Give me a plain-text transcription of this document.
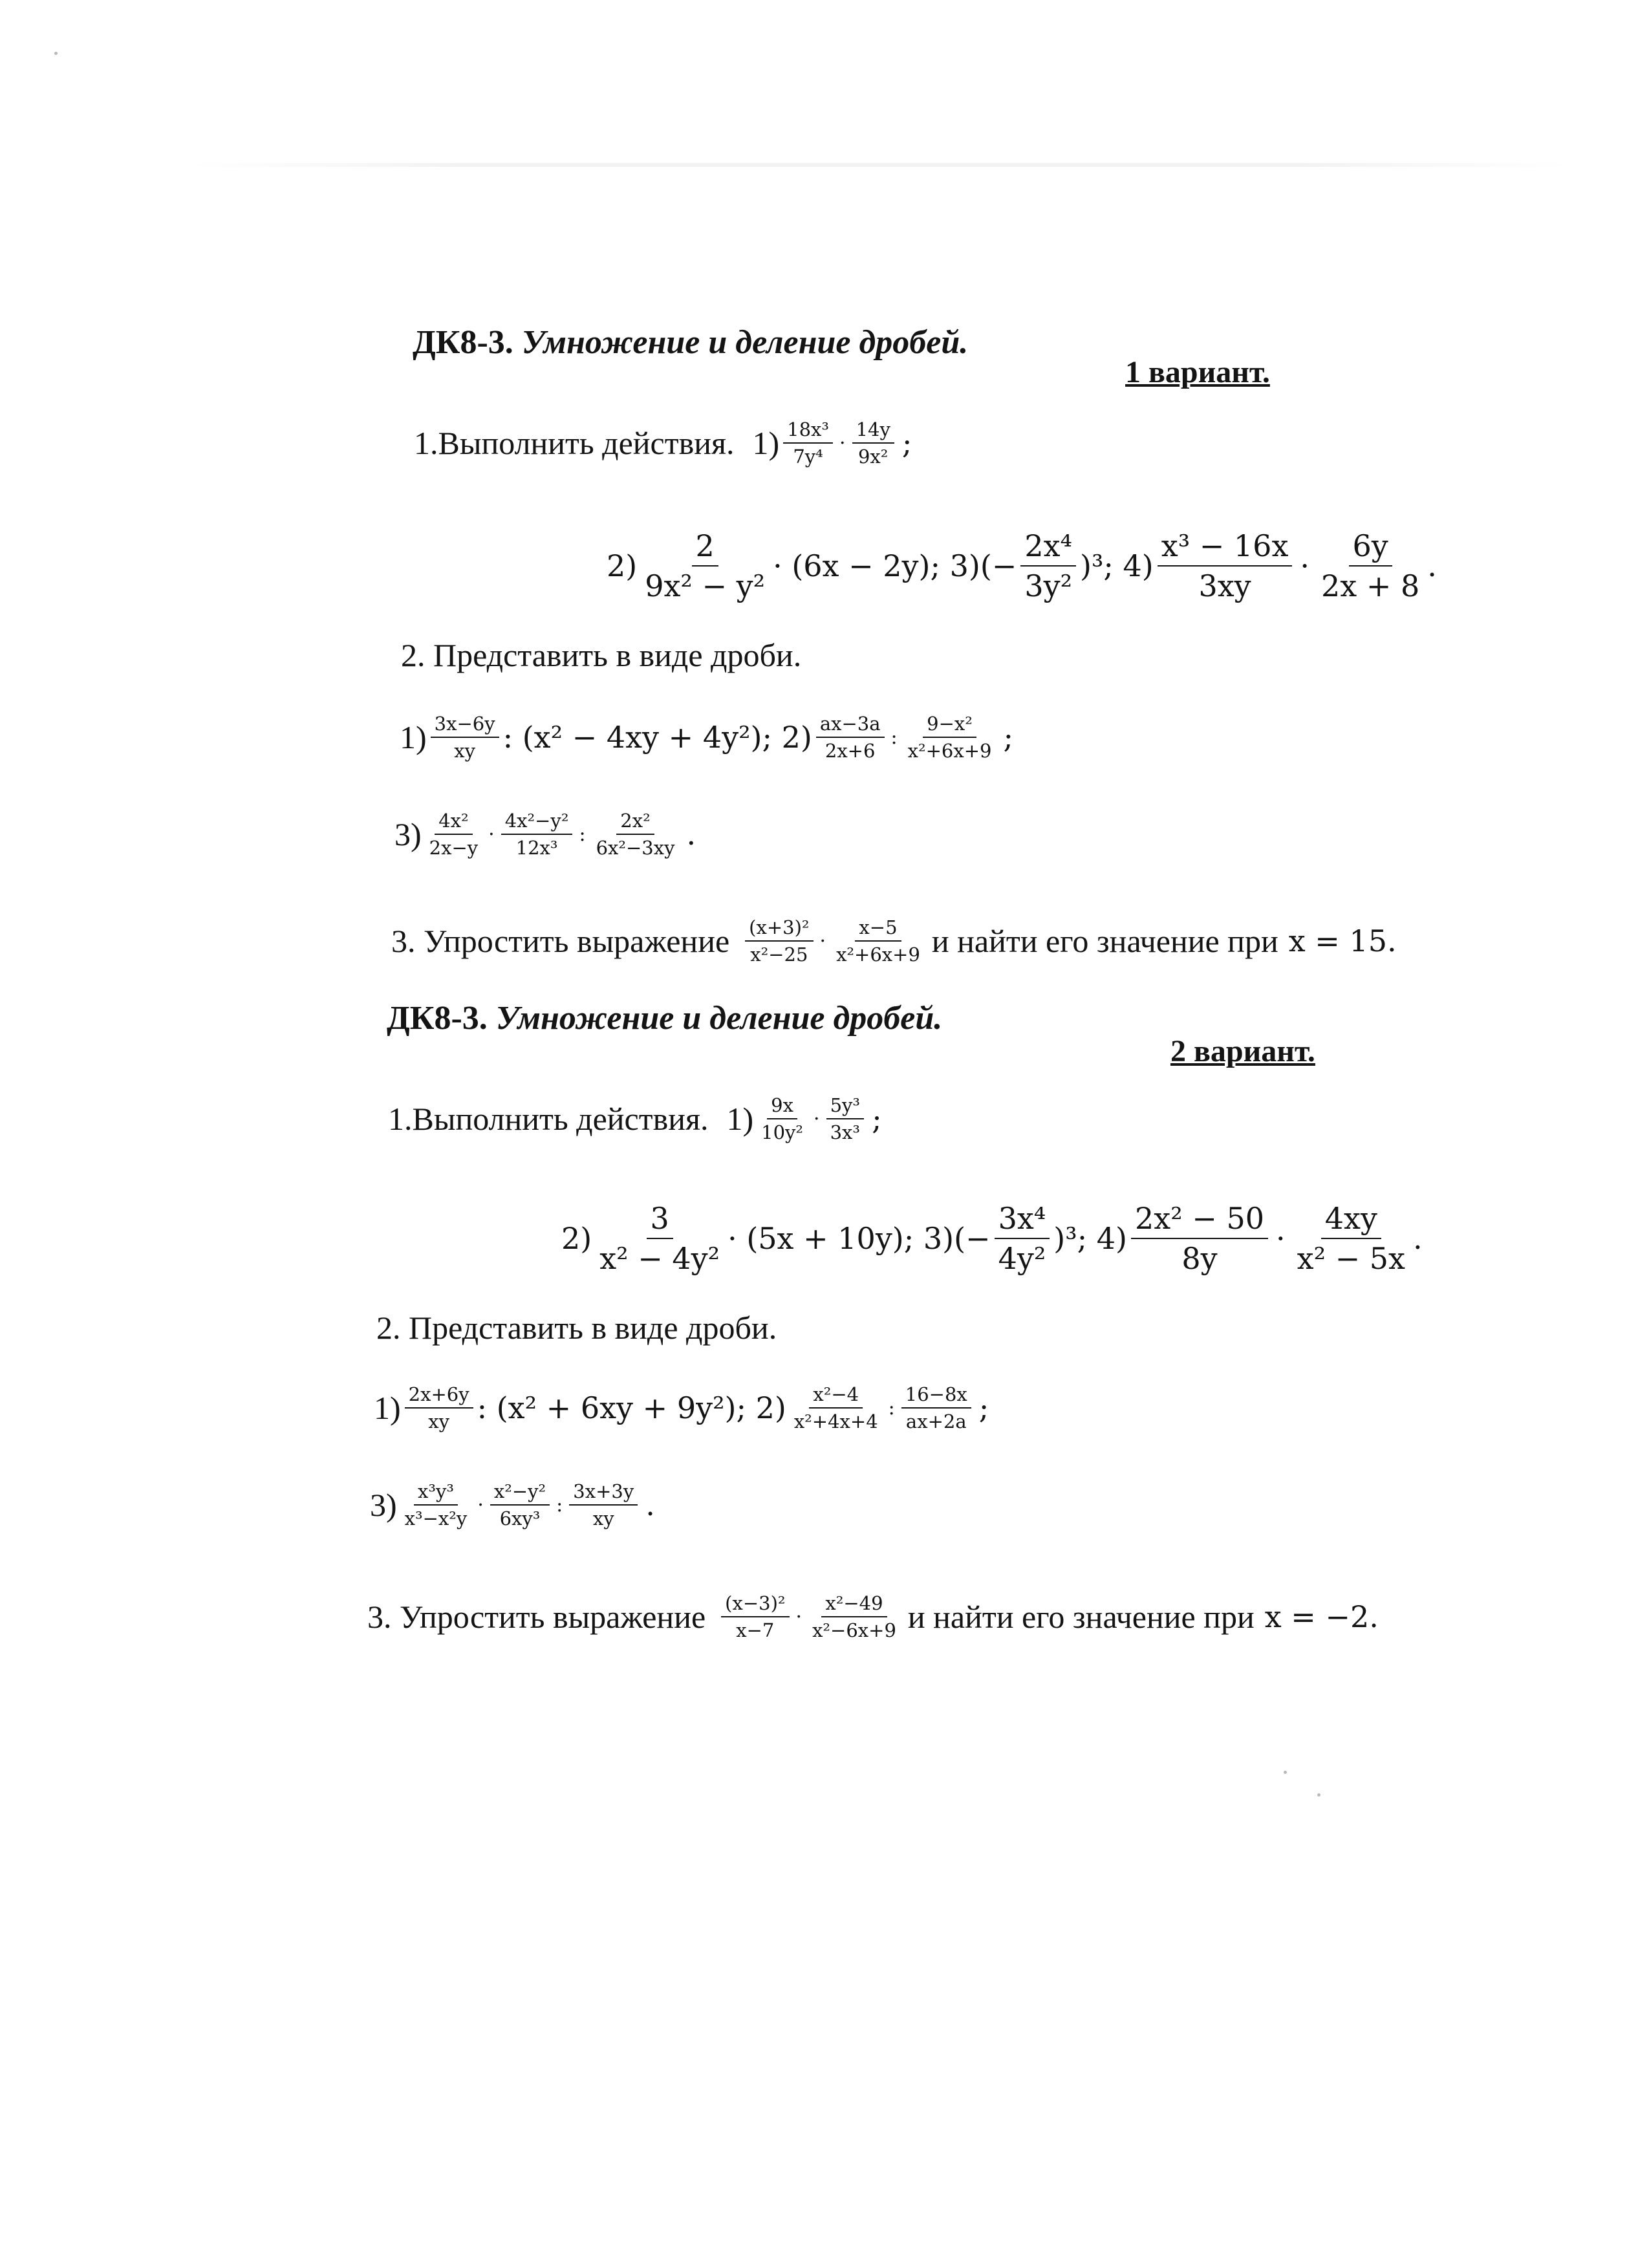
ДК8-3. Умножение и деление дробей.
1 вариант.
1.Выполнить действия. $1) \frac{\text{18x³}}{\text{7y⁴}} \cdot \frac{14y}{\text{9x²}}$ ;
$2) \frac{2}{\text{9x² − y²}} \cdot (6x - 2y)$; $3)(- \frac{\text{2x⁴}}{\text{3y²}} )^3$; $4) \frac{\text{x³ − 16x}}{3xy} \cdot \frac{6y}{2x + 8}$ .
2. Представить в виде дроби.
$1) \frac{3x-6y}{xy}$ : (x² − 4xy + 4y²); $2) \frac{ax-3a}{2x+6}$ : $\frac{\text{9−x²}}{\text{x²+6x+9}}$ ;
$3) \frac{\text{4x²}}{2x-y} \cdot \frac{\text{4x²−y²}}{\text{12x³}}$ : $\frac{\text{2x²}}{\text{6x²−3xy}}$ .
3. Упростить выражение $\frac{\text{(x+3)²}}{\text{x²−25}} \cdot \frac{x-5}{\text{x²+6x+9}}$ и найти его значение при x = 15.
ДК8-3. Умножение и деление дробей.
2 вариант.
1.Выполнить действия. $1) \frac{9x}{\text{10y²}} \cdot \frac{\text{5y³}}{\text{3x³}}$ ;
$2) \frac{3}{\text{x² − 4y²}} \cdot (5x + 10y)$; $3)(- \frac{\text{3x⁴}}{\text{4y²}} )^3$; $4) \frac{\text{2x² − 50}}{8y} \cdot \frac{4xy}{\text{x² − 5x}}$ .
2. Представить в виде дроби.
$1) \frac{2x+6y}{xy}$ : (x² + 6xy + 9y²); $2) \frac{\text{x²−4}}{\text{x²+4x+4}}$ : $\frac{16-8x}{ax+2a}$ ;
$3) \frac{\text{x³y³}}{\text{x³−x²y}} \cdot \frac{\text{x²−y²}}{\text{6xy³}}$ : $\frac{3x+3y}{xy}$ .
3. Упростить выражение $\frac{\text{(x−3)²}}{x-7} \cdot \frac{\text{x²−49}}{\text{x²−6x+9}}$ и найти его значение при x = −2.
